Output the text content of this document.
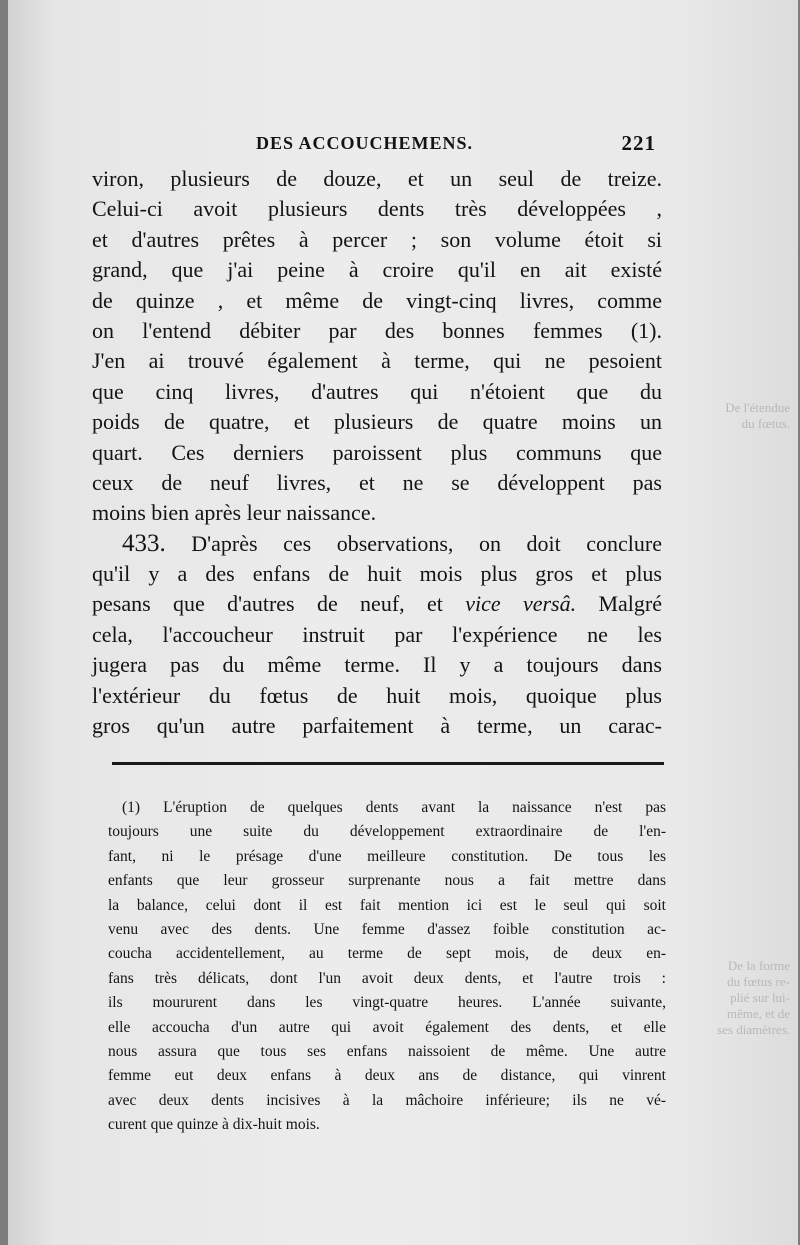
De l'étendue
du fœtus.
De la forme
du fœtus re-
plié sur lui-
même, et de
ses diamètres.
DES ACCOUCHEMENS.	221
viron, plusieurs de douze, et un seul de treize.
Celui-ci avoit plusieurs dents très développées ,
et d'autres prêtes à percer ; son volume étoit si
grand, que j'ai peine à croire qu'il en ait existé
de quinze , et même de vingt-cinq livres, comme
on l'entend débiter par des bonnes femmes (1).
J'en ai trouvé également à terme, qui ne pesoient
que cinq livres, d'autres qui n'étoient que du
poids de quatre, et plusieurs de quatre moins un
quart. Ces derniers paroissent plus communs que
ceux de neuf livres, et ne se développent pas
moins bien après leur naissance.
433. D'après ces observations, on doit conclure
qu'il y a des enfans de huit mois plus gros et plus
pesans que d'autres de neuf, et vice versâ. Malgré
cela, l'accoucheur instruit par l'expérience ne les
jugera pas du même terme. Il y a toujours dans
l'extérieur du fœtus de huit mois, quoique plus
gros qu'un autre parfaitement à terme, un carac-
(1) L'éruption de quelques dents avant la naissance n'est pas
toujours une suite du développement extraordinaire de l'en-
fant, ni le présage d'une meilleure constitution. De tous les
enfants que leur grosseur surprenante nous a fait mettre dans
la balance, celui dont il est fait mention ici est le seul qui soit
venu avec des dents. Une femme d'assez foible constitution ac-
coucha accidentellement, au terme de sept mois, de deux en-
fans très délicats, dont l'un avoit deux dents, et l'autre trois :
ils moururent dans les vingt-quatre heures. L'année suivante,
elle accoucha d'un autre qui avoit également des dents, et elle
nous assura que tous ses enfans naissoient de même. Une autre
femme eut deux enfans à deux ans de distance, qui vinrent
avec deux dents incisives à la mâchoire inférieure; ils ne vé-
curent que quinze à dix-huit mois.
